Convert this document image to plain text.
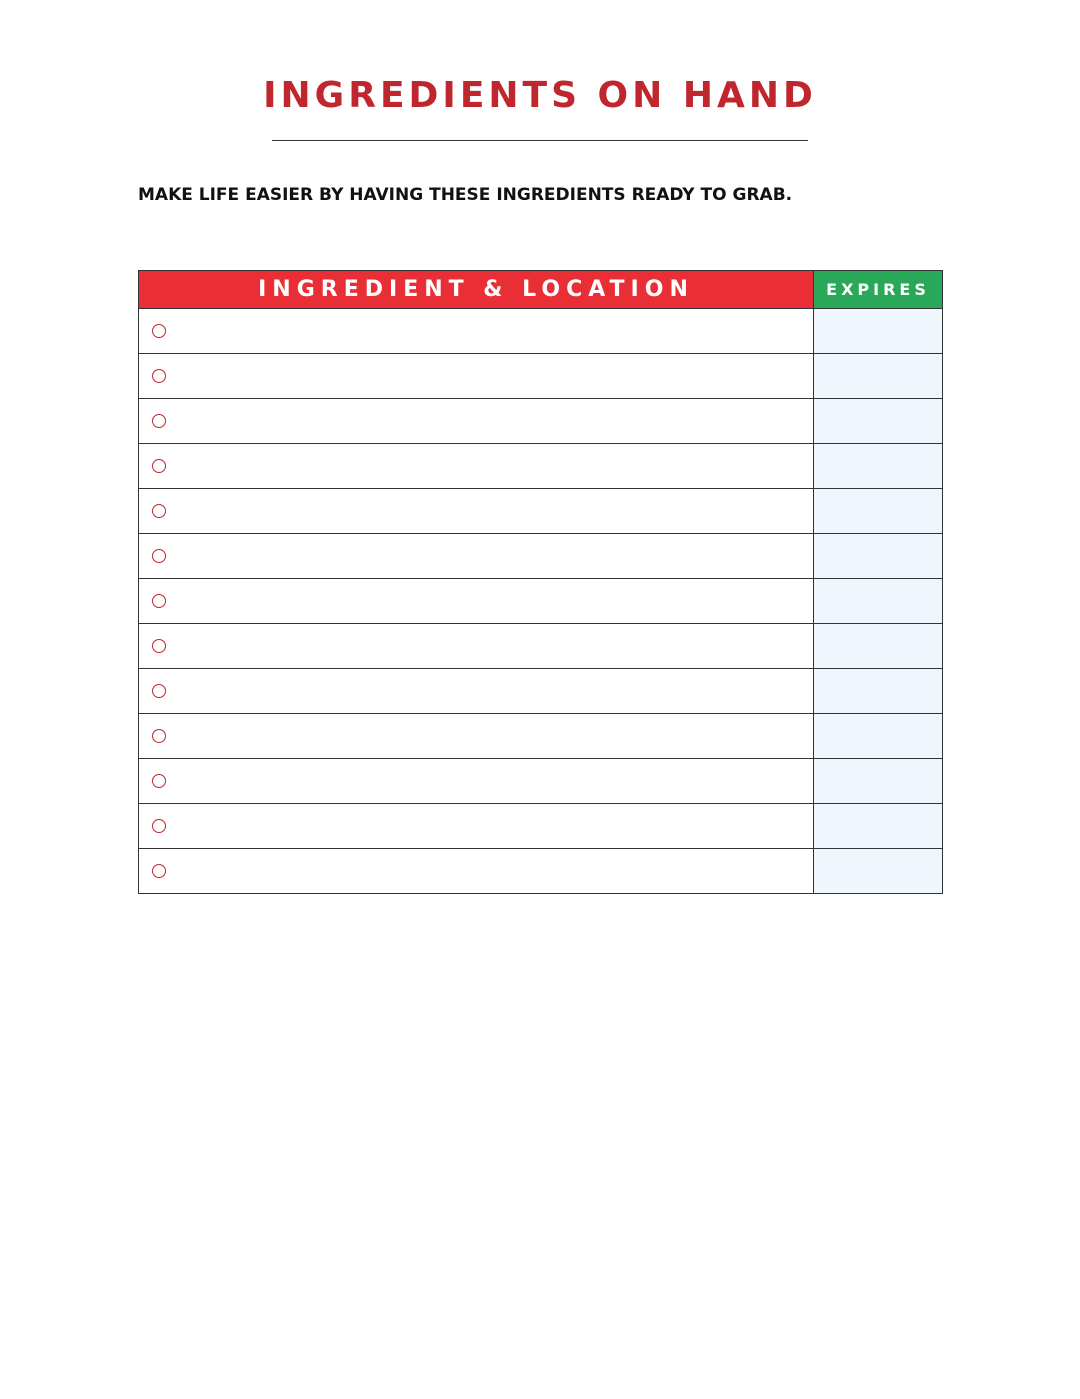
INGREDIENTS ON HAND

MAKE LIFE EASIER BY HAVING THESE INGREDIENTS READY TO GRAB.

INGREDIENT & LOCATION	EXPIRES
